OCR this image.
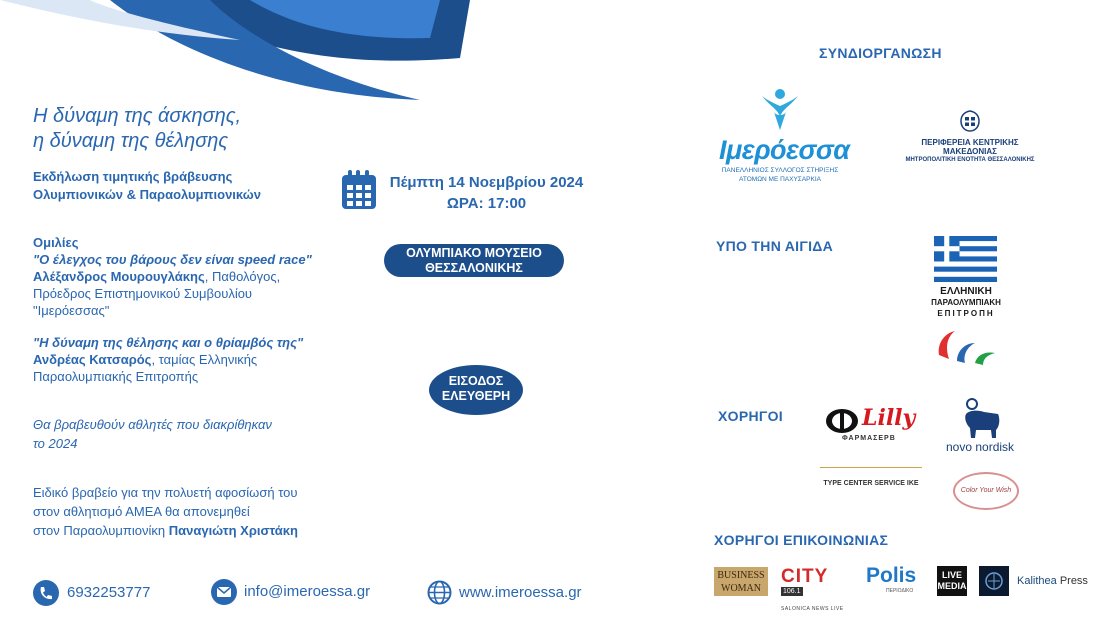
Η δύναμη της άσκησης,
η δύναμη της θέλησης
Εκδήλωση τιμητικής βράβευσης
Ολυμπιονικών & Παραολυμπιονικών
Ομιλίες
"Ο έλεγχος του βάρους δεν είναι speed race"
Αλέξανδρος Μουρουγλάκης, Παθολόγος,
Πρόεδρος Επιστημονικού Συμβουλίου
"Ιμερόεσσας"
"Η δύναμη της θέλησης και ο θρίαμβός της"
Ανδρέας Κατσαρός, ταμίας Ελληνικής
Παραολυμπιακής Επιτροπής
Θα βραβευθούν αθλητές που διακρίθηκαν
το 2024
Ειδικό βραβείο για την πολυετή αφοσίωσή του
στον αθλητισμό ΑΜΕΑ θα απονεμηθεί
στον Παραολυμπιονίκη Παναγιώτη Χριστάκη
Πέμπτη 14 Νοεμβρίου 2024
ΩΡΑ: 17:00
ΟΛΥΜΠΙΑΚΟ ΜΟΥΣΕΙΟ
ΘΕΣΣΑΛΟΝΙΚΗΣ
ΕΙΣΟΔΟΣ
ΕΛΕΥΘΕΡΗ
6932253777	info@imeroessa.gr	www.imeroessa.gr
ΣΥΝΔΙΟΡΓΑΝΩΣΗ
Ιμερόεσσα
ΠΑΝΕΛΛΗΝΙΟΣ ΣΥΛΛΟΓΟΣ ΣΤΗΡΙΞΗΣ
ΑΤΟΜΩΝ ΜΕ ΠΑΧΥΣΑΡΚΙΑ
ΠΕΡΙΦΕΡΕΙΑ ΚΕΝΤΡΙΚΗΣ ΜΑΚΕΔΟΝΙΑΣ
ΜΗΤΡΟΠΟΛΙΤΙΚΗ ΕΝΟΤΗΤΑ ΘΕΣΣΑΛΟΝΙΚΗΣ
ΥΠΟ ΤΗΝ ΑΙΓΙΔΑ
ΕΛΛΗΝΙΚΗ
ΠΑΡΑΟΛΥΜΠΙΑΚΗ
ΕΠΙΤΡΟΠΗ
ΧΟΡΗΓΟΙ	Lilly
ΦΑΡΜΑΣΕΡΒ
novo nordisk
TYPE CENTER SERVICE IKE
Color Your Wish
ΧΟΡΗΓΟΙ ΕΠΙΚΟΙΝΩΝΙΑΣ
BUSINESS
WOMAN
CITY $^{106.1}$
SALONICA NEWS LIVE
Polis
ΠΕΡΙΟΔΙΚΟ
LIVE
MEDIA	Kalithea Press
